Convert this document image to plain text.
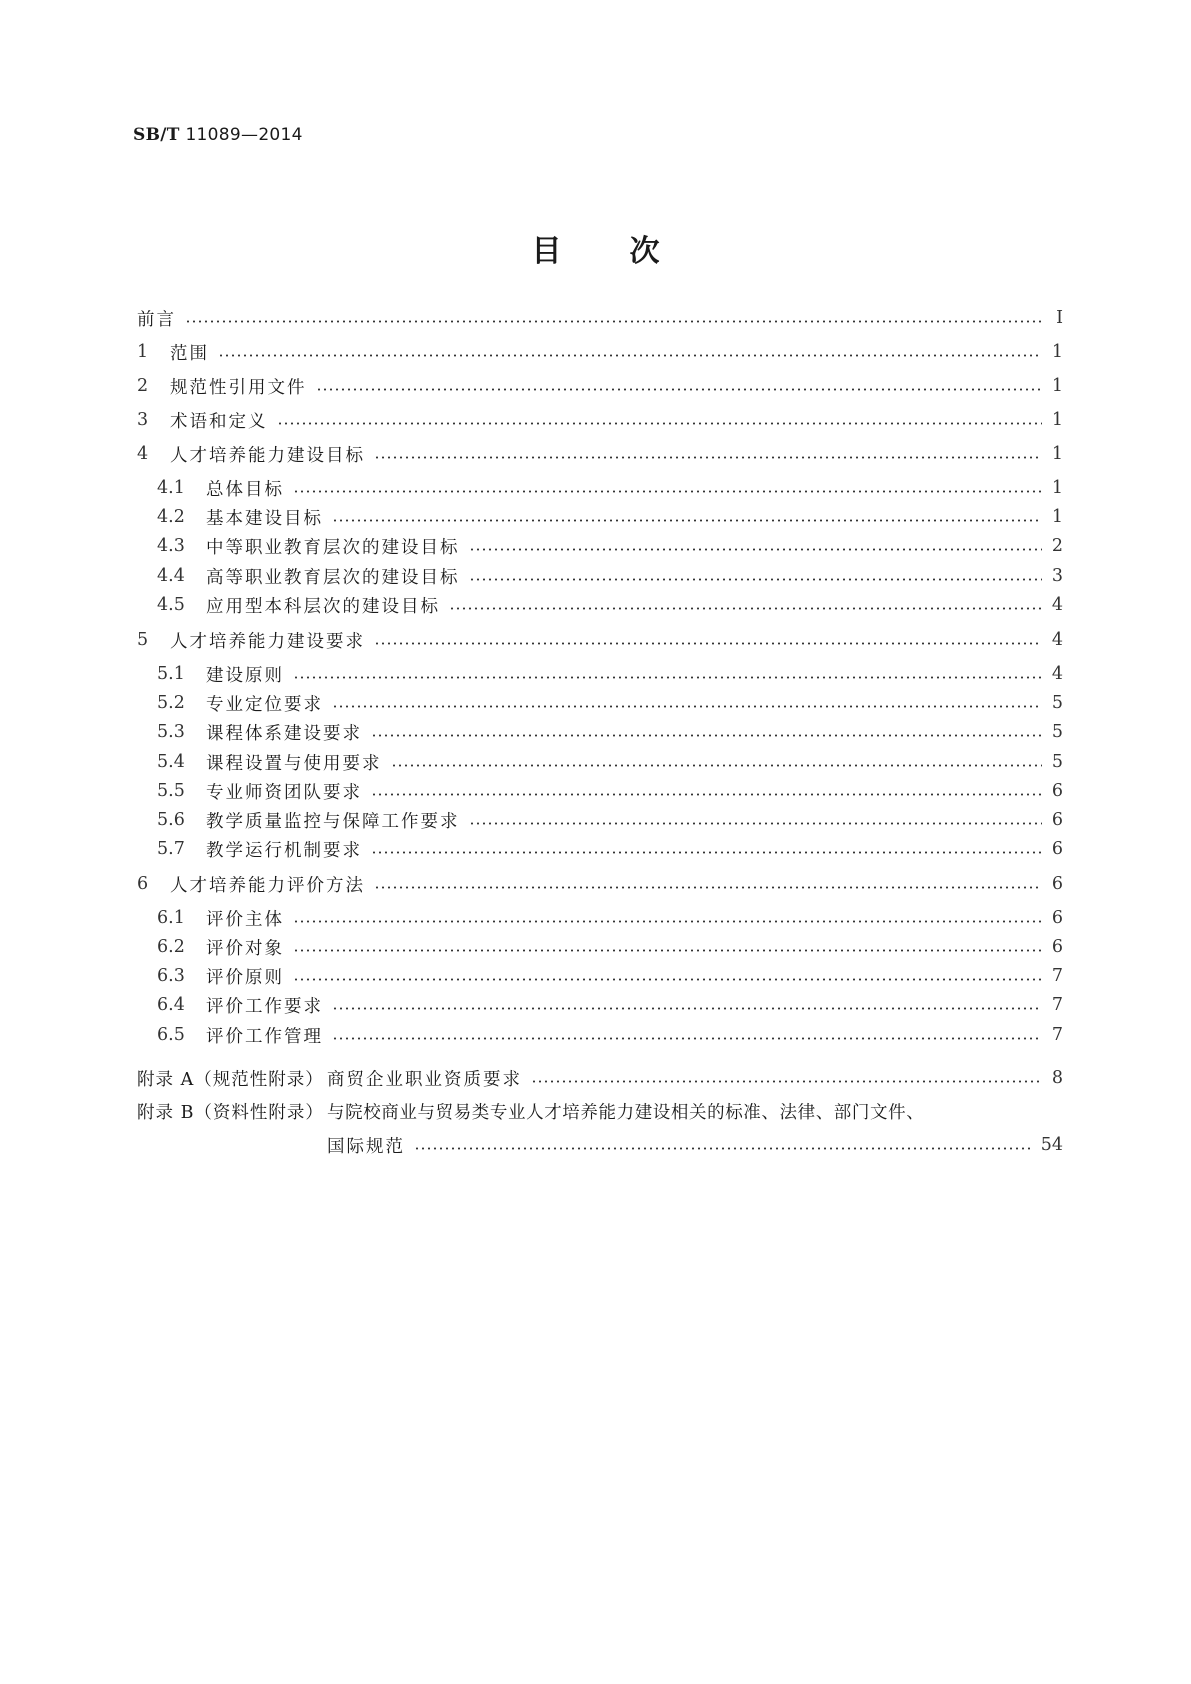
SB/T 11089—2014
目 次
附录 A（规范性附录） 商贸企业职业资质要求	8
附录 B（资料性附录） 与院校商业与贸易类专业人才培养能力建设相关的标准、法律、部门文件、
国际规范	54
前言	Ⅰ
1	范围	1
2	规范性引用文件	1
3	术语和定义	1
4	人才培养能力建设目标	1
4.1	总体目标	1
4.2	基本建设目标	1
4.3	中等职业教育层次的建设目标	2
4.4	高等职业教育层次的建设目标	3
4.5	应用型本科层次的建设目标	4
5	人才培养能力建设要求	4
5.1	建设原则	4
5.2	专业定位要求	5
5.3	课程体系建设要求	5
5.4	课程设置与使用要求	5
5.5	专业师资团队要求	6
5.6	教学质量监控与保障工作要求	6
5.7	教学运行机制要求	6
6	人才培养能力评价方法	6
6.1	评价主体	6
6.2	评价对象	6
6.3	评价原则	7
6.4	评价工作要求	7
6.5	评价工作管理	7
